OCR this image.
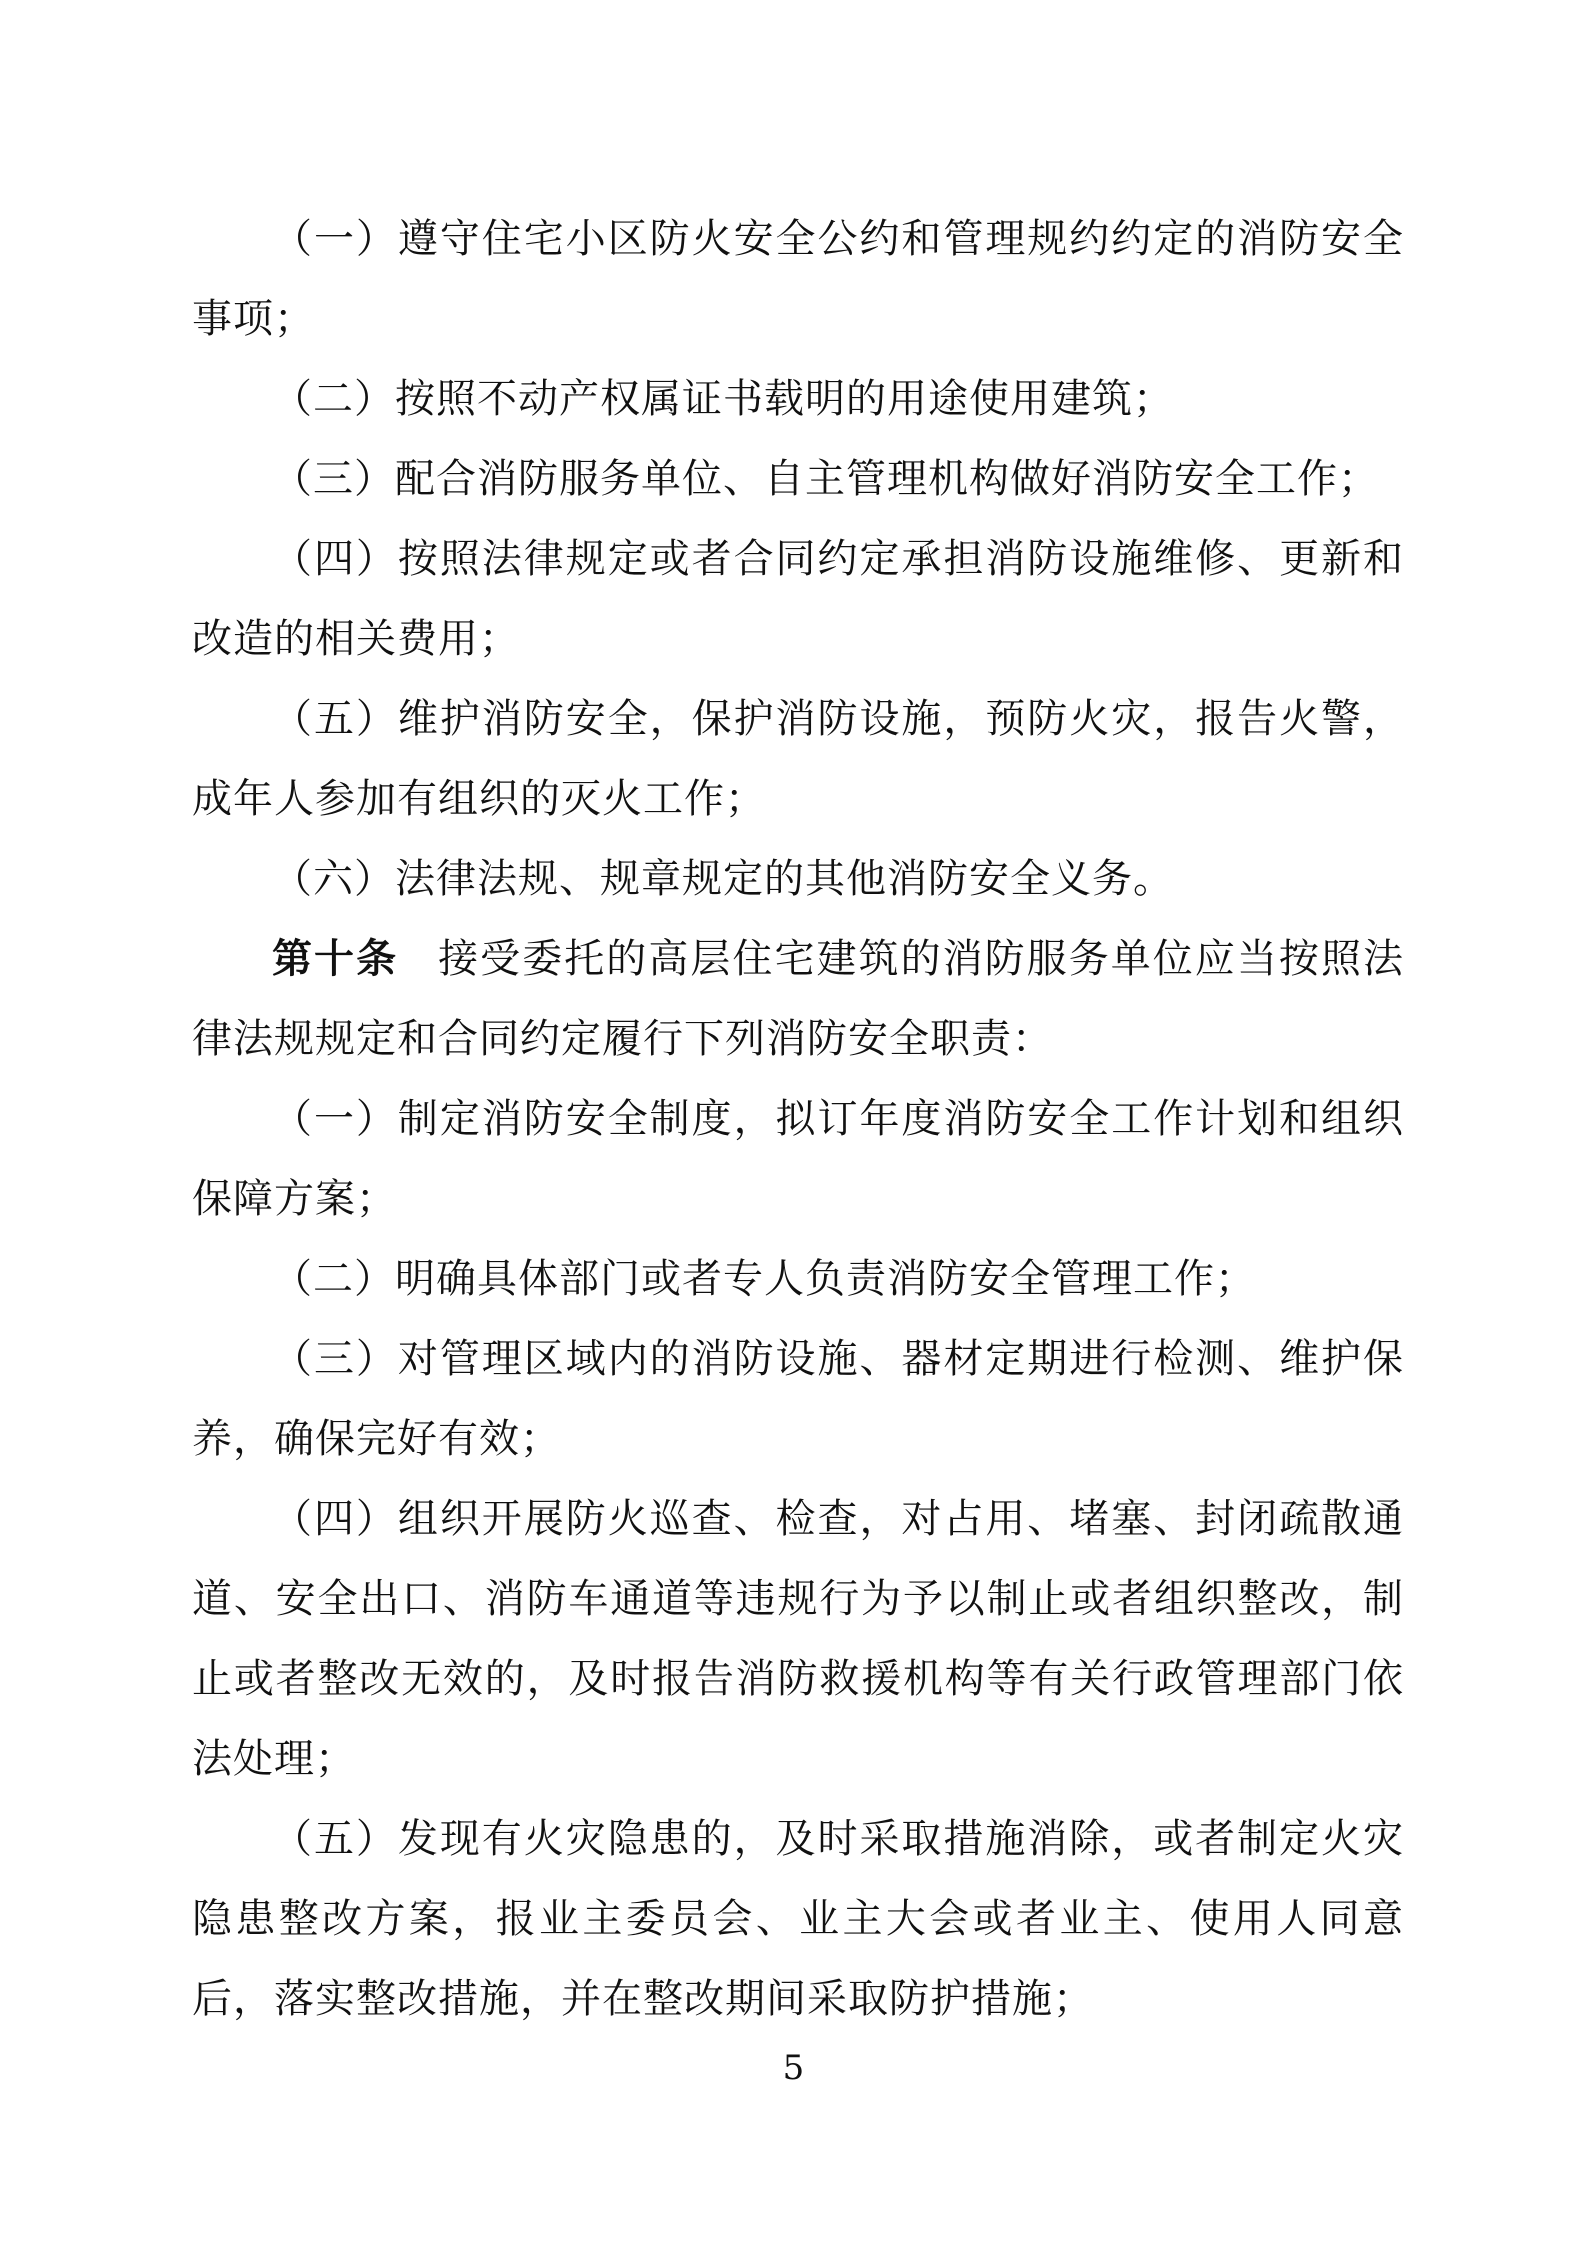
（一）遵守住宅小区防火安全公约和管理规约约定的消防安全事项；

（二）按照不动产权属证书载明的用途使用建筑；

（三）配合消防服务单位、自主管理机构做好消防安全工作；

（四）按照法律规定或者合同约定承担消防设施维修、更新和改造的相关费用；

（五）维护消防安全，保护消防设施，预防火灾，报告火警，成年人参加有组织的灭火工作；

（六）法律法规、规章规定的其他消防安全义务。

第十条 接受委托的高层住宅建筑的消防服务单位应当按照法律法规规定和合同约定履行下列消防安全职责：

（一）制定消防安全制度，拟订年度消防安全工作计划和组织保障方案；

（二）明确具体部门或者专人负责消防安全管理工作；

（三）对管理区域内的消防设施、器材定期进行检测、维护保养，确保完好有效；

（四）组织开展防火巡查、检查，对占用、堵塞、封闭疏散通道、安全出口、消防车通道等违规行为予以制止或者组织整改，制止或者整改无效的，及时报告消防救援机构等有关行政管理部门依法处理；

（五）发现有火灾隐患的，及时采取措施消除，或者制定火灾隐患整改方案，报业主委员会、业主大会或者业主、使用人同意后，落实整改措施，并在整改期间采取防护措施；

5
